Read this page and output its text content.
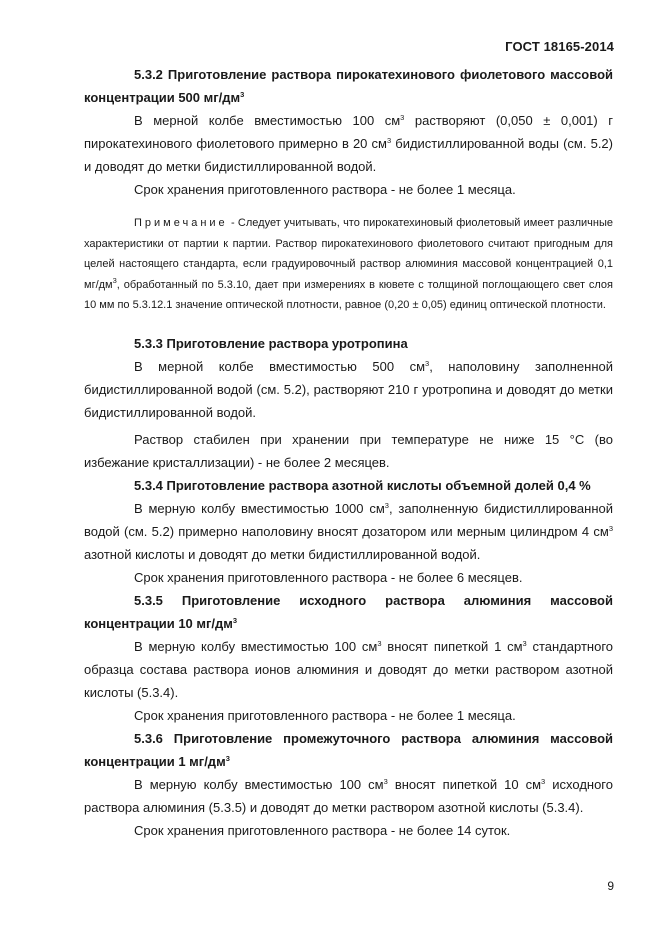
ГОСТ 18165-2014

5.3.2 Приготовление раствора пирокатехинового фиолетового массовой концентрации 500 $мг/дм^3$

В мерной колбе вместимостью 100 $см^3$ растворяют (0,050 ± 0,001) г пирокатехинового фиолетового примерно в 20 $см^3$ бидистиллированной воды (см. 5.2) и доводят до метки бидистиллированной водой.

Срок хранения приготовленного раствора - не более 1 месяца.

Примечание - Следует учитывать, что пирокатехиновый фиолетовый имеет различные характеристики от партии к партии. Раствор пирокатехинового фиолетового считают пригодным для целей настоящего стандарта, если градуировочный раствор алюминия массовой концентрацией 0,1 $мг/дм^3$, обработанный по 5.3.10, дает при измерениях в кювете с толщиной поглощающего свет слоя 10 мм по 5.3.12.1 значение оптической плотности, равное (0,20 ± 0,05) единиц оптической плотности.

5.3.3 Приготовление раствора уротропина

В мерной колбе вместимостью 500 $см^3$, наполовину заполненной бидистиллированной водой (см. 5.2), растворяют 210 г уротропина и доводят до метки бидистиллированной водой.

Раствор стабилен при хранении при температуре не ниже 15 °С (во избежание кристаллизации) - не более 2 месяцев.

5.3.4 Приготовление раствора азотной кислоты объемной долей 0,4 %

В мерную колбу вместимостью 1000 $см^3$, заполненную бидистиллированной водой (см. 5.2) примерно наполовину вносят дозатором или мерным цилиндром 4 $см^3$ азотной кислоты и доводят до метки бидистиллированной водой.

Срок хранения приготовленного раствора - не более 6 месяцев.

5.3.5 Приготовление исходного раствора алюминия массовой концентрации 10 $мг/дм^3$

В мерную колбу вместимостью 100 $см^3$ вносят пипеткой 1 $см^3$ стандартного образца состава раствора ионов алюминия и доводят до метки раствором азотной кислоты (5.3.4).

Срок хранения приготовленного раствора - не более 1 месяца.

5.3.6 Приготовление промежуточного раствора алюминия массовой концентрации 1 $мг/дм^3$

В мерную колбу вместимостью 100 $см^3$ вносят пипеткой 10 $см^3$ исходного раствора алюминия (5.3.5) и доводят до метки раствором азотной кислоты (5.3.4).

Срок хранения приготовленного раствора - не более 14 суток.

9
